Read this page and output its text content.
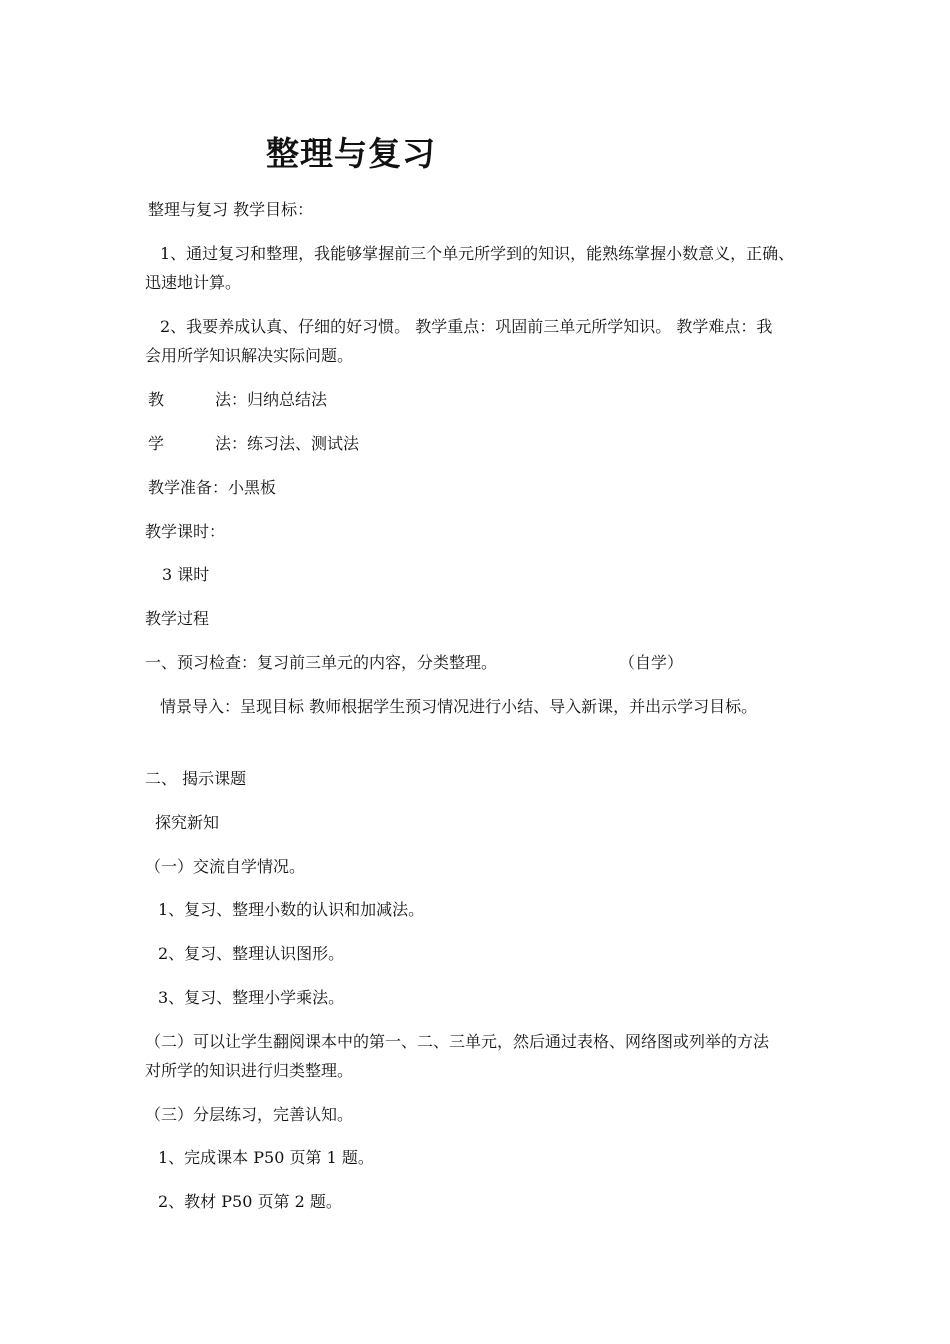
整理与复习
整理与复习 教学目标：
1、通过复习和整理，我能够掌握前三个单元所学到的知识，能熟练掌握小数意义，正确、
迅速地计算。
2、我要养成认真、仔细的好习惯。 教学重点：巩固前三单元所学知识。 教学难点：我
会用所学知识解决实际问题。
教	法：归纳总结法
学	法：练习法、测试法
教学准备：小黑板
教学课时：
3 课时
教学过程
一、预习检查：复习前三单元的内容，分类整理。	（自学）
情景导入：呈现目标 教师根据学生预习情况进行小结、导入新课，并出示学习目标。
二、 揭示课题
探究新知
（一）交流自学情况。
1、复习、整理小数的认识和加减法。
2、复习、整理认识图形。
3、复习、整理小学乘法。
（二）可以让学生翻阅课本中的第一、二、三单元，然后通过表格、网络图或列举的方法
对所学的知识进行归类整理。
（三）分层练习，完善认知。
1、完成课本 P50 页第 1 题。
2、教材 P50 页第 2 题。
